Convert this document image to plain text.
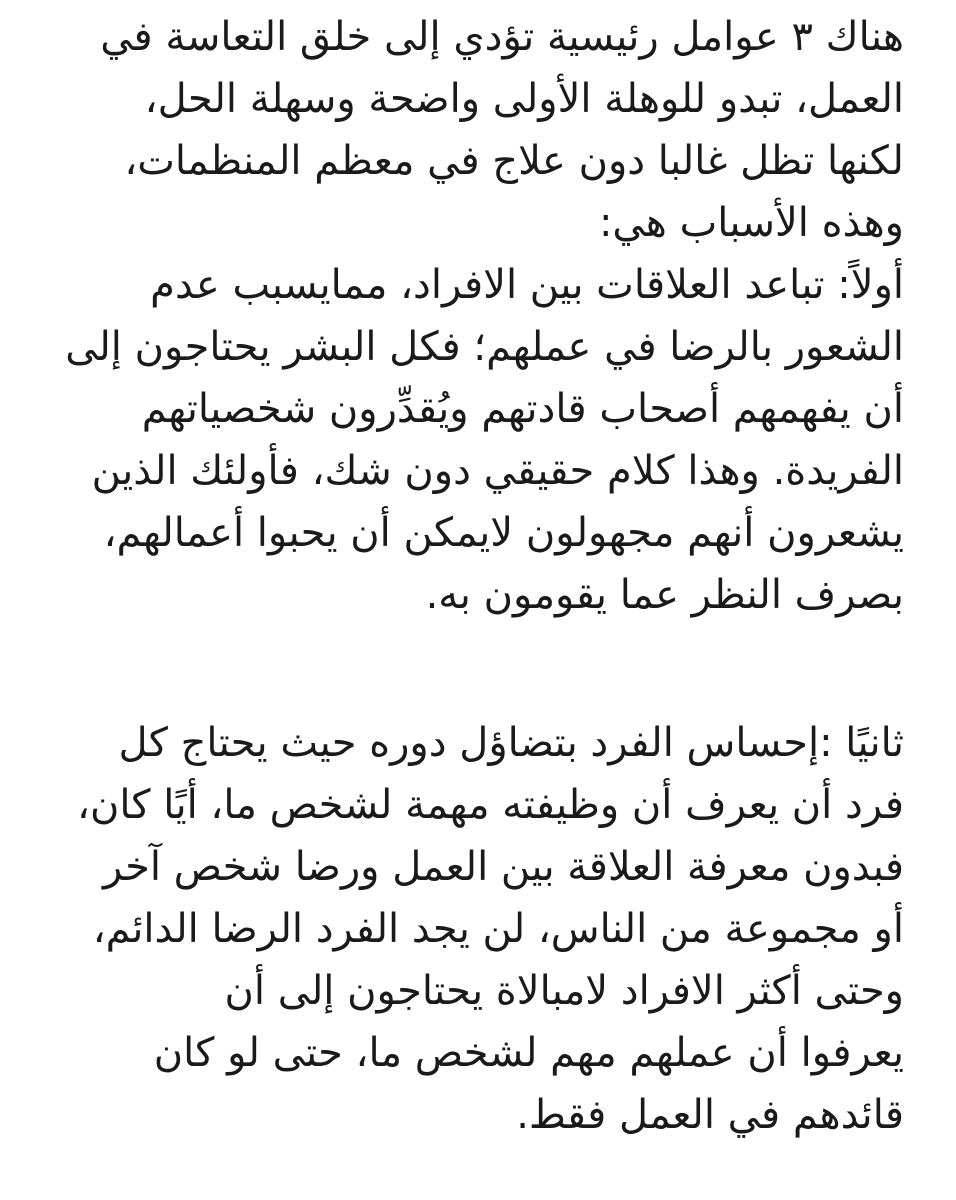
هناك ٣ عوامل رئيسية تؤدي إلى خلق التعاسة في
العمل، تبدو للوهلة الأولى واضحة وسهلة الحل،
لكنها تظل غالبا دون علاج في معظم المنظمات،
وهذه الأسباب هي:
أولاً: تباعد العلاقات بين الافراد، ممايسبب عدم
الشعور بالرضا في عملهم؛ فكل البشر يحتاجون إلى
أن يفهمهم أصحاب قادتهم ويُقدِّرون شخصياتهم
الفريدة. وهذا كلام حقيقي دون شك، فأولئك الذين
يشعرون أنهم مجهولون لايمكن أن يحبوا أعمالهم،
بصرف النظر عما يقومون به.
ثانيًا :إحساس الفرد بتضاؤل دوره حيث يحتاج كل
فرد أن يعرف أن وظيفته مهمة لشخص ما، أيًا كان،
فبدون معرفة العلاقة بين العمل ورضا شخص آخر
أو مجموعة من الناس، لن يجد الفرد الرضا الدائم،
وحتى أكثر الافراد لامبالاة يحتاجون إلى أن
يعرفوا أن عملهم مهم لشخص ما، حتى لو كان
قائدهم في العمل فقط.
